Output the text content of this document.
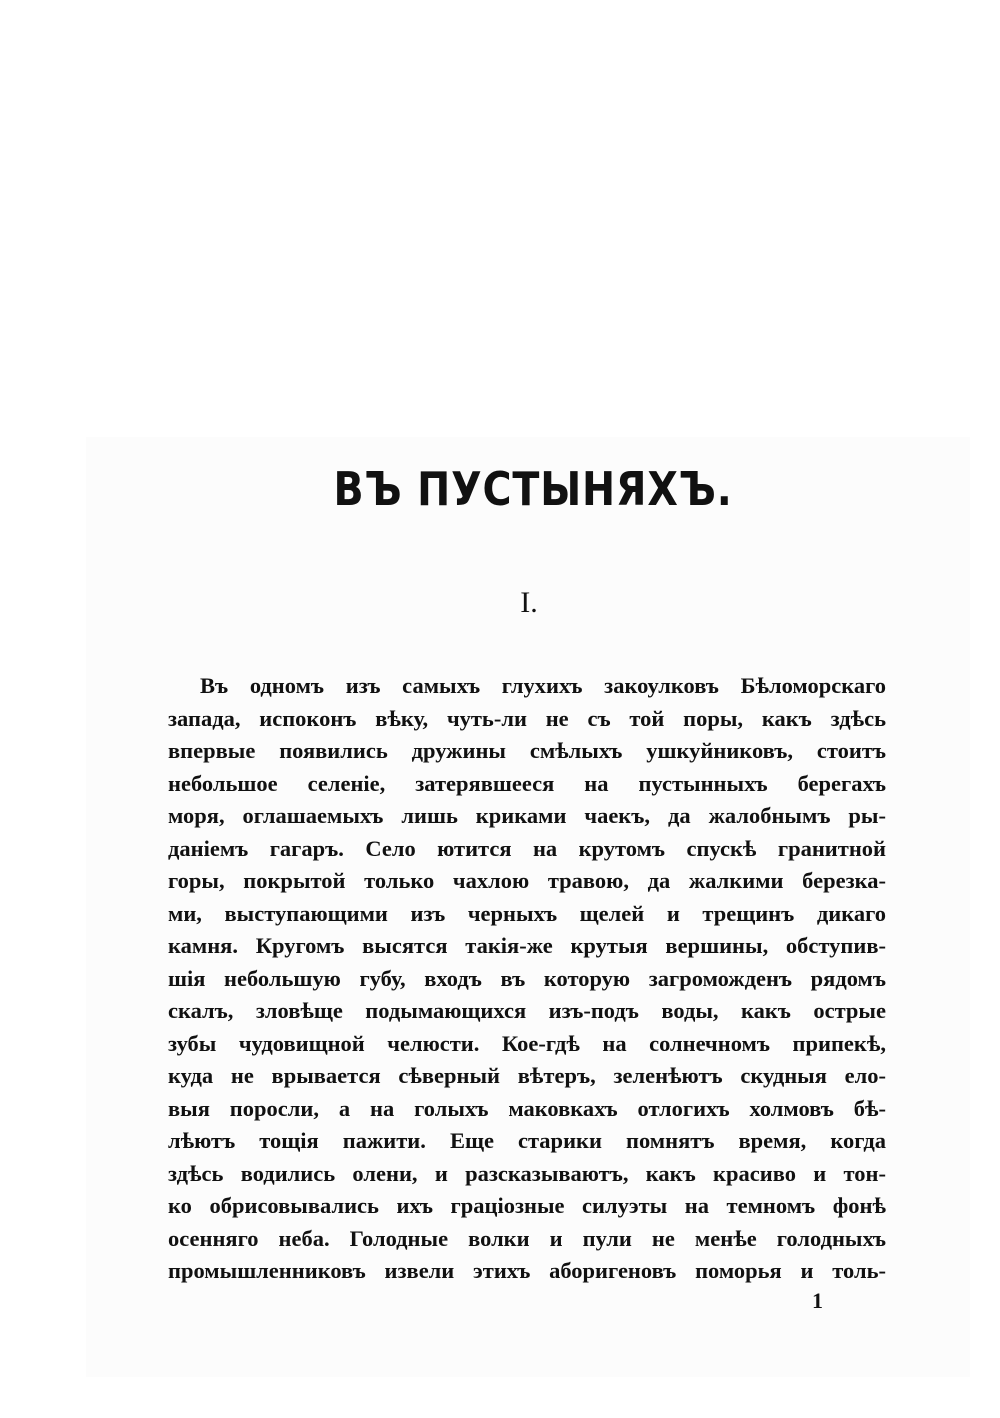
ВЪ ПУСТЫНЯХЪ.
I.
Въ одномъ изъ самыхъ глухихъ закоулковъ Бѣломорскаго
запада, испоконъ вѣку, чуть-ли не съ той поры, какъ здѣсь
впервые появились дружины смѣлыхъ ушкуйниковъ, стоитъ
небольшое селеніе, затерявшееся на пустынныхъ берегахъ
моря, оглашаемыхъ лишь криками чаекъ, да жалобнымъ ры-
даніемъ гагаръ. Село ютится на крутомъ спускѣ гранитной
горы, покрытой только чахлою травою, да жалкими березка-
ми, выступающими изъ черныхъ щелей и трещинъ дикаго
камня. Кругомъ высятся такія-же крутыя вершины, обступив-
шія небольшую губу, входъ въ которую загроможденъ рядомъ
скалъ, зловѣще подымающихся изъ-подъ воды, какъ острые
зубы чудовищной челюсти. Кое-гдѣ на солнечномъ припекѣ,
куда не врывается сѣверный вѣтеръ, зеленѣютъ скудныя ело-
выя поросли, а на голыхъ маковкахъ отлогихъ холмовъ бѣ-
лѣютъ тощія пажити. Еще старики помнятъ время, когда
здѣсь водились олени, и разсказываютъ, какъ красиво и тон-
ко обрисовывались ихъ граціозные силуэты на темномъ фонѣ
осенняго неба. Голодные волки и пули не менѣе голодныхъ
промышленниковъ извели этихъ аборигеновъ поморья и толь-
1
